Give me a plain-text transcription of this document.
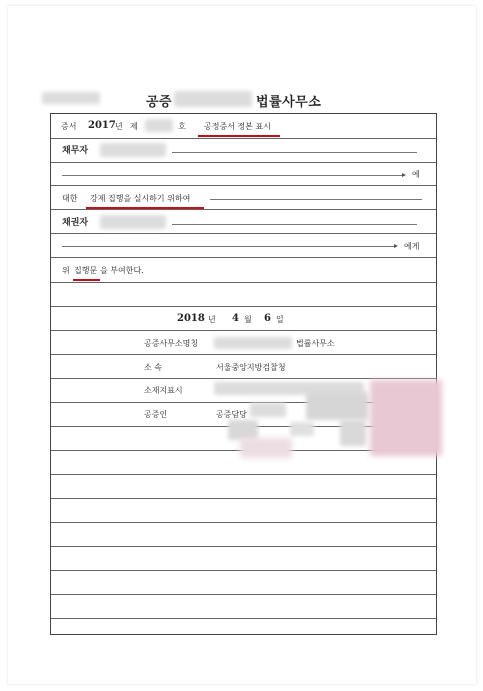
공증	법률사무소
증서 2017 년 제	호 공정증서 정본 표시
채무자
에
대한 강제 집행을 실시하기 위하여
채권자
에게
위 집행문 을 부여한다.
2018 년 4 월 6 일
공증사무소명칭	법률사무소
소 속	서울중앙지방검찰청
소재지표시
공증인	공증담당
